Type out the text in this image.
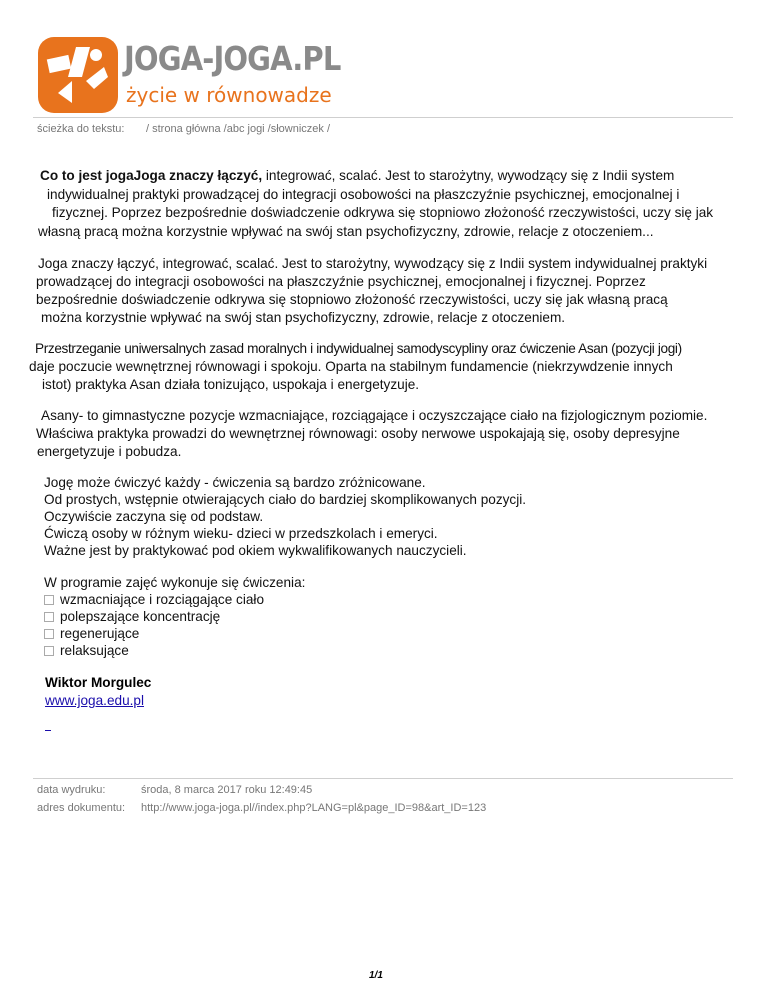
JOGA-JOGA.PL
życie w równowadze
ścieżka do tekstu: / strona główna /abc jogi /słowniczek /
Co to jest jogaJoga znaczy łączyć, integrować, scalać. Jest to starożytny, wywodzący się z Indii system
indywidualnej praktyki prowadzącej do integracji osobowości na płaszczyźnie psychicznej, emocjonalnej i
fizycznej. Poprzez bezpośrednie doświadczenie odkrywa się stopniowo złożoność rzeczywistości, uczy się jak
własną pracą można korzystnie wpływać na swój stan psychofizyczny, zdrowie, relacje z otoczeniem...
Joga znaczy łączyć, integrować, scalać. Jest to starożytny, wywodzący się z Indii system indywidualnej praktyki
prowadzącej do integracji osobowości na płaszczyźnie psychicznej, emocjonalnej i fizycznej. Poprzez
bezpośrednie doświadczenie odkrywa się stopniowo złożoność rzeczywistości, uczy się jak własną pracą
można korzystnie wpływać na swój stan psychofizyczny, zdrowie, relacje z otoczeniem.
Przestrzeganie uniwersalnych zasad moralnych i indywidualnej samodyscypliny oraz ćwiczenie Asan (pozycji jogi)
daje poczucie wewnętrznej równowagi i spokoju. Oparta na stabilnym fundamencie (niekrzywdzenie innych
istot) praktyka Asan działa tonizująco, uspokaja i energetyzuje.
Asany- to gimnastyczne pozycje wzmacniające, rozciągające i oczyszczające ciało na fizjologicznym poziomie.
Właściwa praktyka prowadzi do wewnętrznej równowagi: osoby nerwowe uspokajają się, osoby depresyjne
energetyzuje i pobudza.
Jogę może ćwiczyć każdy - ćwiczenia są bardzo zróżnicowane.
Od prostych, wstępnie otwierających ciało do bardziej skomplikowanych pozycji.
Oczywiście zaczyna się od podstaw.
Ćwiczą osoby w różnym wieku- dzieci w przedszkolach i emeryci.
Ważne jest by praktykować pod okiem wykwalifikowanych nauczycieli.
W programie zajęć wykonuje się ćwiczenia:
wzmacniające i rozciągające ciało
polepszające koncentrację
regenerujące
relaksujące
Wiktor Morgulec
www.joga.edu.pl
data wydruku:	środa, 8 marca 2017 roku 12:49:45
adres dokumentu: http://www.joga-joga.pl//index.php?LANG=pl&page_ID=98&art_ID=123
1/1
